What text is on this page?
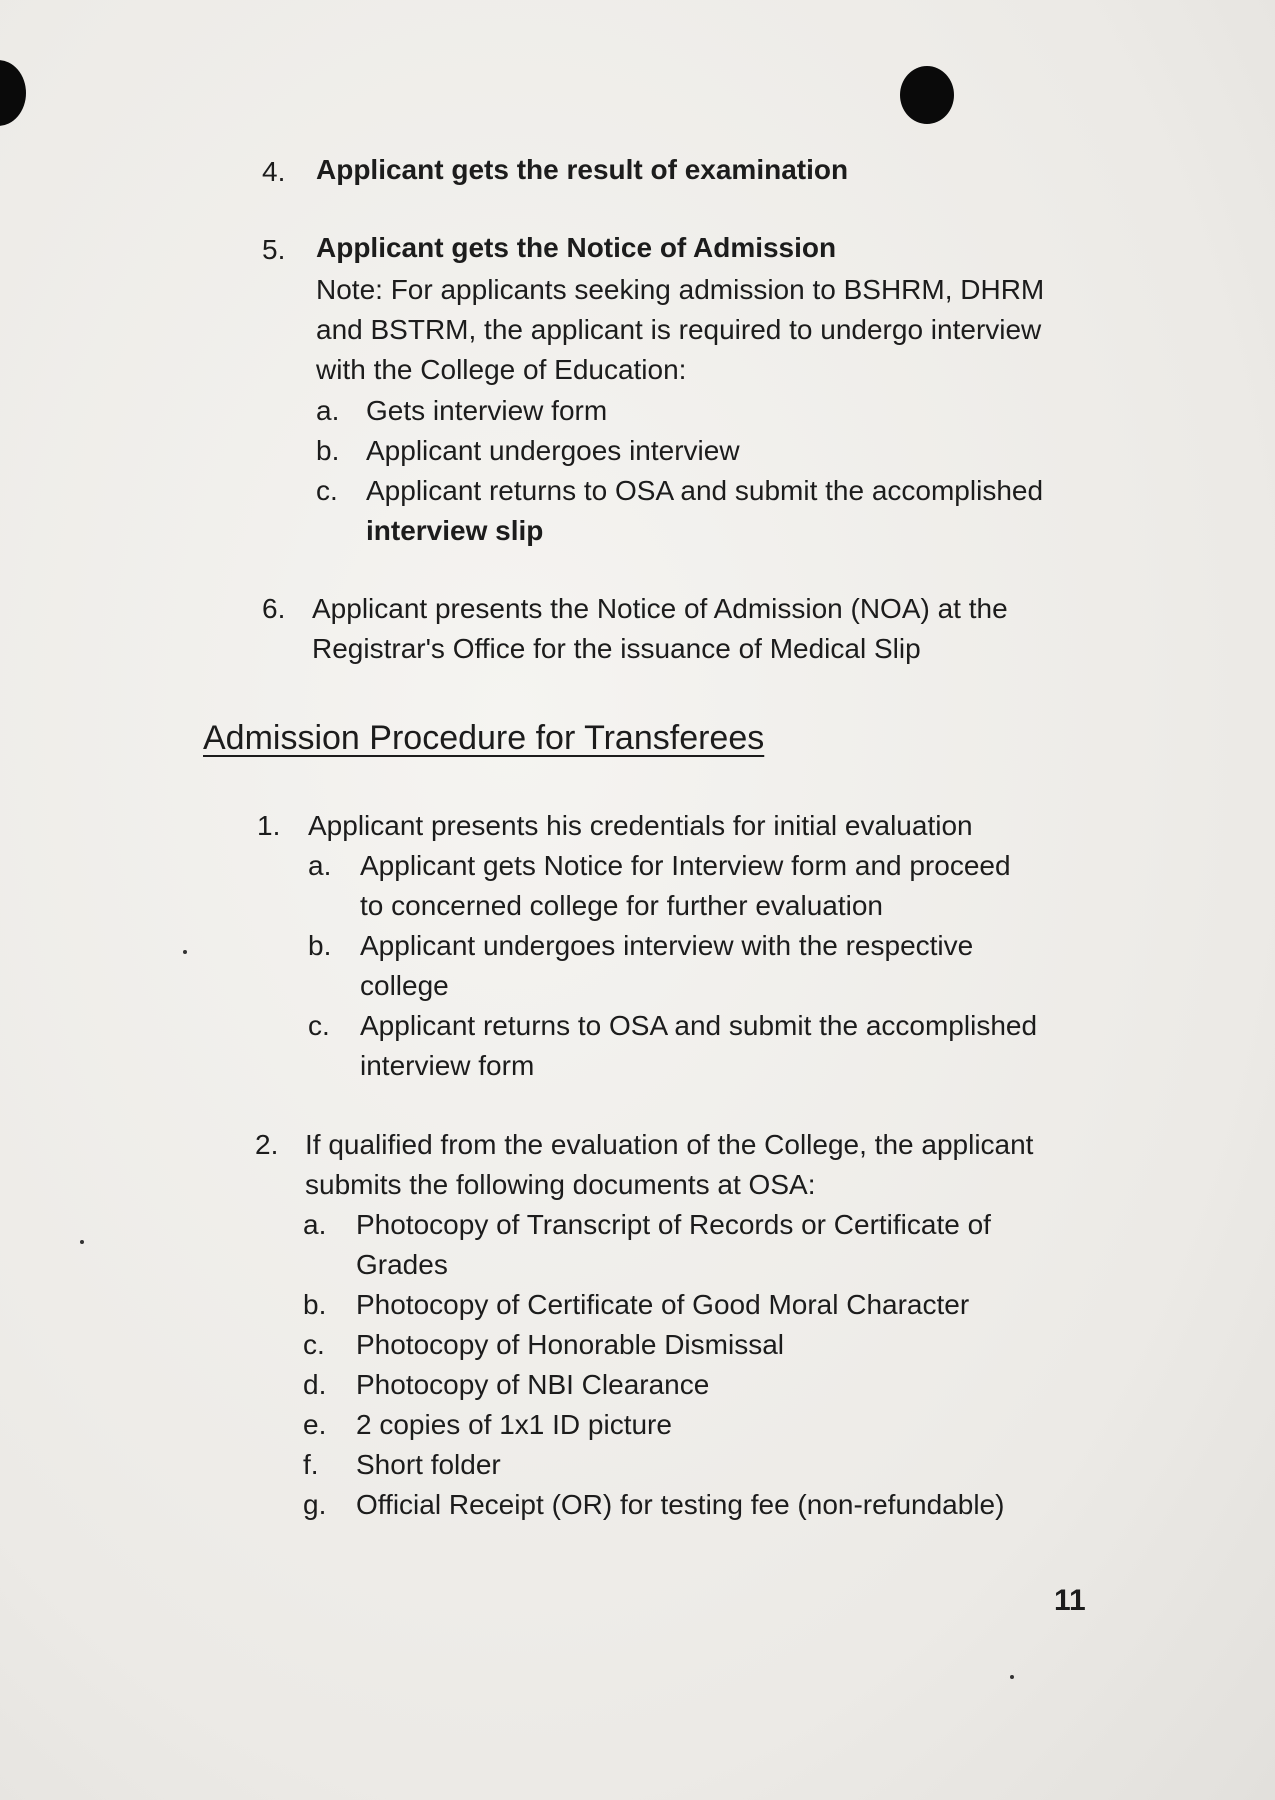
4. Applicant gets the result of examination
5. Applicant gets the Notice of Admission
Note: For applicants seeking admission to BSHRM, DHRM
and BSTRM, the applicant is required to undergo interview
with the College of Education:
a. Gets interview form
b. Applicant undergoes interview
c. Applicant returns to OSA and submit the accomplished
interview slip
6. Applicant presents the Notice of Admission (NOA) at the
Registrar's Office for the issuance of Medical Slip
Admission Procedure for Transferees
1. Applicant presents his credentials for initial evaluation
a. Applicant gets Notice for Interview form and proceed
to concerned college for further evaluation
b. Applicant undergoes interview with the respective
college
c. Applicant returns to OSA and submit the accomplished
interview form
2. If qualified from the evaluation of the College, the applicant
submits the following documents at OSA:
a. Photocopy of Transcript of Records or Certificate of
Grades
b. Photocopy of Certificate of Good Moral Character
c. Photocopy of Honorable Dismissal
d. Photocopy of NBI Clearance
e. 2 copies of 1x1 ID picture
f. Short folder
g. Official Receipt (OR) for testing fee (non-refundable)
11
